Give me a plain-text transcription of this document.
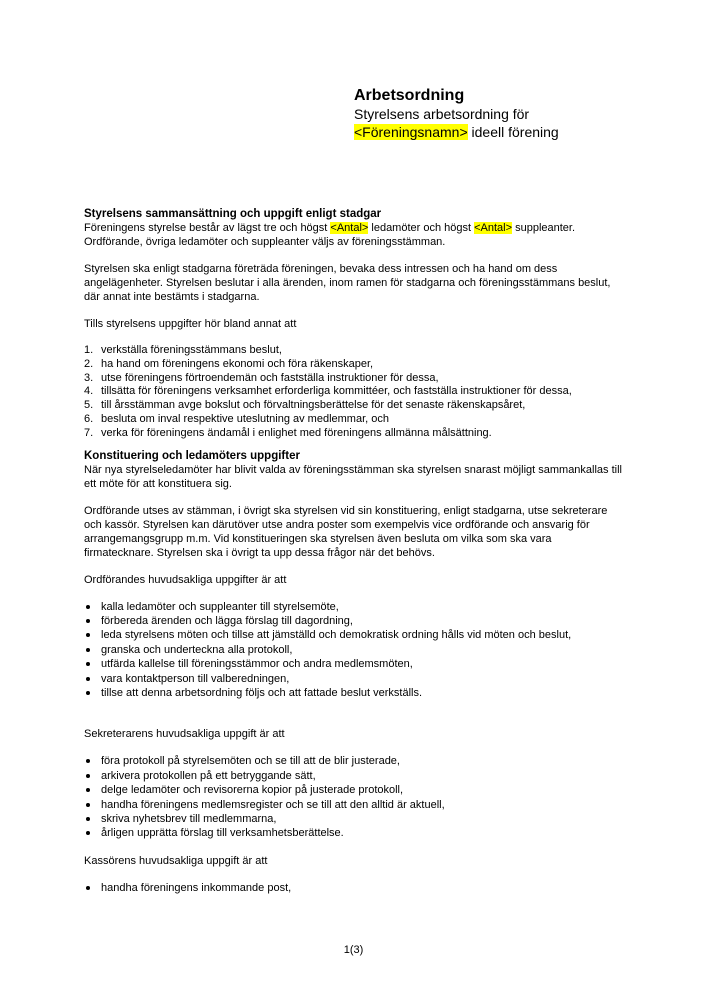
Arbetsordning

Styrelsens arbetsordning för

<Föreningsnamn> ideell förening

Styrelsens sammansättning och uppgift enligt stadgar

Föreningens styrelse består av lägst tre och högst <Antal> ledamöter och högst <Antal> suppleanter.

Ordförande, övriga ledamöter och suppleanter väljs av föreningsstämman.

Styrelsen ska enligt stadgarna företräda föreningen, bevaka dess intressen och ha hand om dess angelägenheter. Styrelsen beslutar i alla ärenden, inom ramen för stadgarna och föreningsstämmans beslut, där annat inte bestämts i stadgarna.

Tills styrelsens uppgifter hör bland annat att

1. verkställa föreningsstämmans beslut,
2. ha hand om föreningens ekonomi och föra räkenskaper,
3. utse föreningens förtroendemän och fastställa instruktioner för dessa,
4. tillsätta för föreningens verksamhet erforderliga kommittéer, och fastställa instruktioner för dessa,
5. till årsstämman avge bokslut och förvaltningsberättelse för det senaste räkenskapsåret,
6. besluta om inval respektive uteslutning av medlemmar, och
7. verka för föreningens ändamål i enlighet med föreningens allmänna målsättning.

Konstituering och ledamöters uppgifter

När nya styrelseledamöter har blivit valda av föreningsstämman ska styrelsen snarast möjligt sammankallas till ett möte för att konstituera sig.

Ordförande utses av stämman, i övrigt ska styrelsen vid sin konstituering, enligt stadgarna, utse sekreterare och kassör. Styrelsen kan därutöver utse andra poster som exempelvis vice ordförande och ansvarig för arrangemangsgrupp m.m. Vid konstitueringen ska styrelsen även besluta om vilka som ska vara firmatecknare. Styrelsen ska i övrigt ta upp dessa frågor när det behövs.

Ordförandes huvudsakliga uppgifter är att

kalla ledamöter och suppleanter till styrelsemöte,
förbereda ärenden och lägga förslag till dagordning,
leda styrelsens möten och tillse att jämställd och demokratisk ordning hålls vid möten och beslut,
granska och underteckna alla protokoll,
utfärda kallelse till föreningsstämmor och andra medlemsmöten,
vara kontaktperson till valberedningen,
tillse att denna arbetsordning följs och att fattade beslut verkställs.

Sekreterarens huvudsakliga uppgift är att

föra protokoll på styrelsemöten och se till att de blir justerade,
arkivera protokollen på ett betryggande sätt,
delge ledamöter och revisorerna kopior på justerade protokoll,
handha föreningens medlemsregister och se till att den alltid är aktuell,
skriva nyhetsbrev till medlemmarna,
årligen upprätta förslag till verksamhetsberättelse.

Kassörens huvudsakliga uppgift är att

handha föreningens inkommande post,
1(3)
